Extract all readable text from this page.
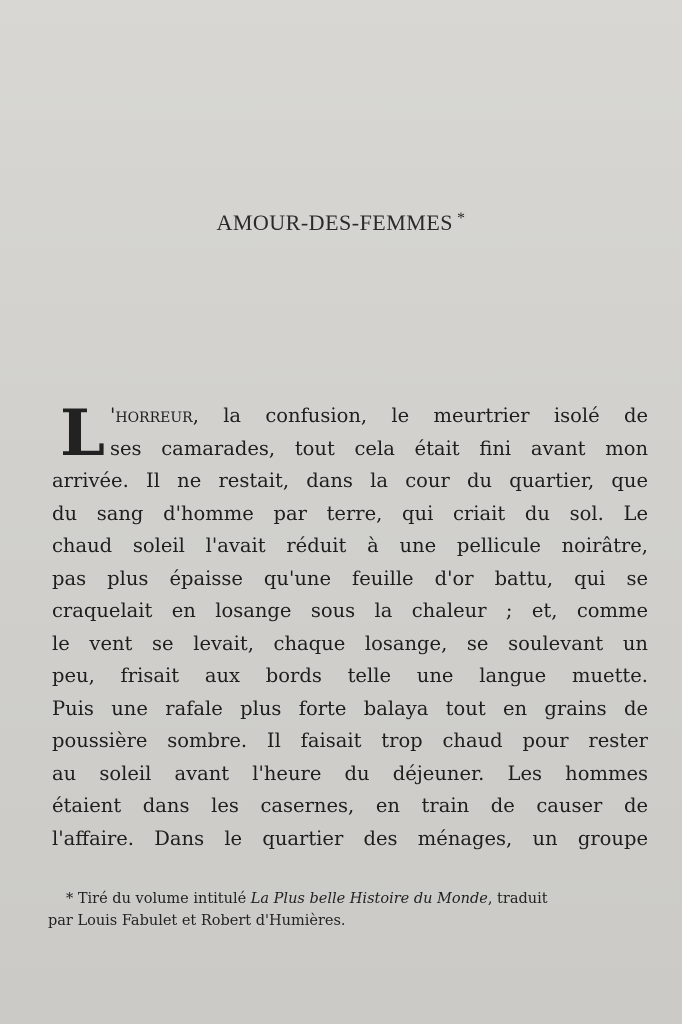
AMOUR-DES-FEMMES *
L 'horreur, la confusion, le meurtrier isolé de
ses camarades, tout cela était fini avant mon
arrivée. Il ne restait, dans la cour du quartier, que
du sang d'homme par terre, qui criait du sol. Le
chaud soleil l'avait réduit à une pellicule noirâtre,
pas plus épaisse qu'une feuille d'or battu, qui se
craquelait en losange sous la chaleur ; et, comme
le vent se levait, chaque losange, se soulevant un
peu, frisait aux bords telle une langue muette.
Puis une rafale plus forte balaya tout en grains de
poussière sombre. Il faisait trop chaud pour rester
au soleil avant l'heure du déjeuner. Les hommes
étaient dans les casernes, en train de causer de
l'affaire. Dans le quartier des ménages, un groupe
* Tiré du volume intitulé La Plus belle Histoire du Monde, traduit
par Louis Fabulet et Robert d'Humières.
